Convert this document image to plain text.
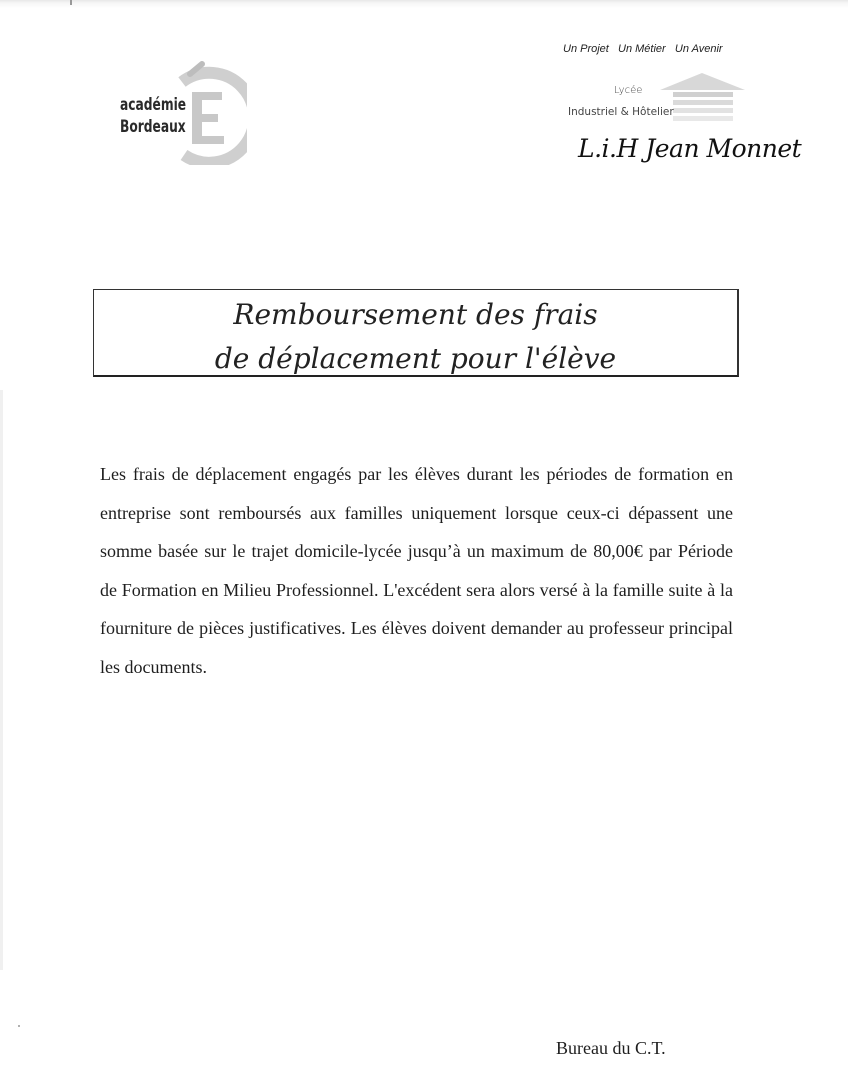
académie
Bordeaux
Un Projet   Un Métier   Un Avenir
Lycée
Industriel & Hôtelier
L.i.H Jean Monnet
Remboursement des frais
de déplacement pour l'élève

Les frais de déplacement engagés par les élèves durant les périodes de formation en entreprise sont remboursés aux familles uniquement lorsque ceux-ci dépassent une somme basée sur le trajet domicile-lycée jusqu’à un maximum de 80,00€ par Période de Formation en Milieu Professionnel. L'excédent sera alors versé à la famille suite à la fourniture de pièces justificatives. Les élèves doivent demander au professeur principal les documents.

Bureau du C.T.
